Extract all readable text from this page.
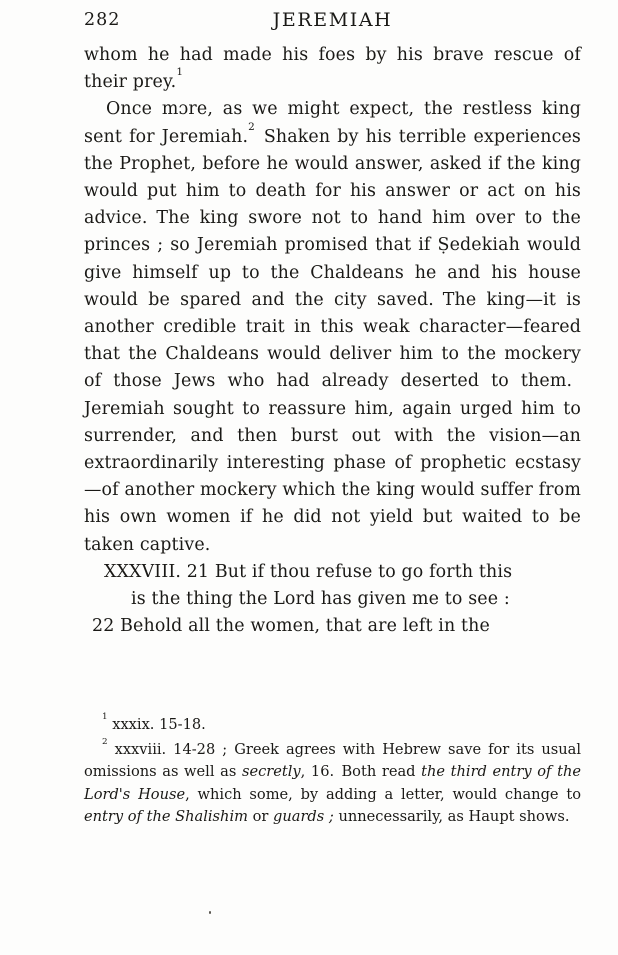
282	JEREMIAH

whom he had made his foes by his brave rescue of their prey.$^1$

Once mɔre, as we might expect, the restless king sent for Jeremiah.$^2$ Shaken by his terrible experiences the Prophet, before he would answer, asked if the king would put him to death for his answer or act on his advice. The king swore not to hand him over to the princes ; so Jeremiah promised that if Ṣedekiah would give himself up to the Chaldeans he and his house would be spared and the city saved. The king—it is another credible trait in this weak character—feared that the Chaldeans would deliver him to the mockery of those Jews who had already deserted to them. Jeremiah sought to reassure him, again urged him to surrender, and then burst out with the vision—an extraordinarily interesting phase of prophetic ecstasy—of another mockery which the king would suffer from his own women if he did not yield but waited to be taken captive.

XXXVIII. 21 But if thou refuse to go forth this
is the thing the Lord has given me to see :
22 Behold all the women, that are left in the

$^1$ xxxix. 15-18.

$^2$ xxxviii. 14-28 ; Greek agrees with Hebrew save for its usual omissions as well as secretly, 16. Both read the third entry of the Lord's House, which some, by adding a letter, would change to entry of the Shalishim or guards ; unnecessarily, as Haupt shows.
